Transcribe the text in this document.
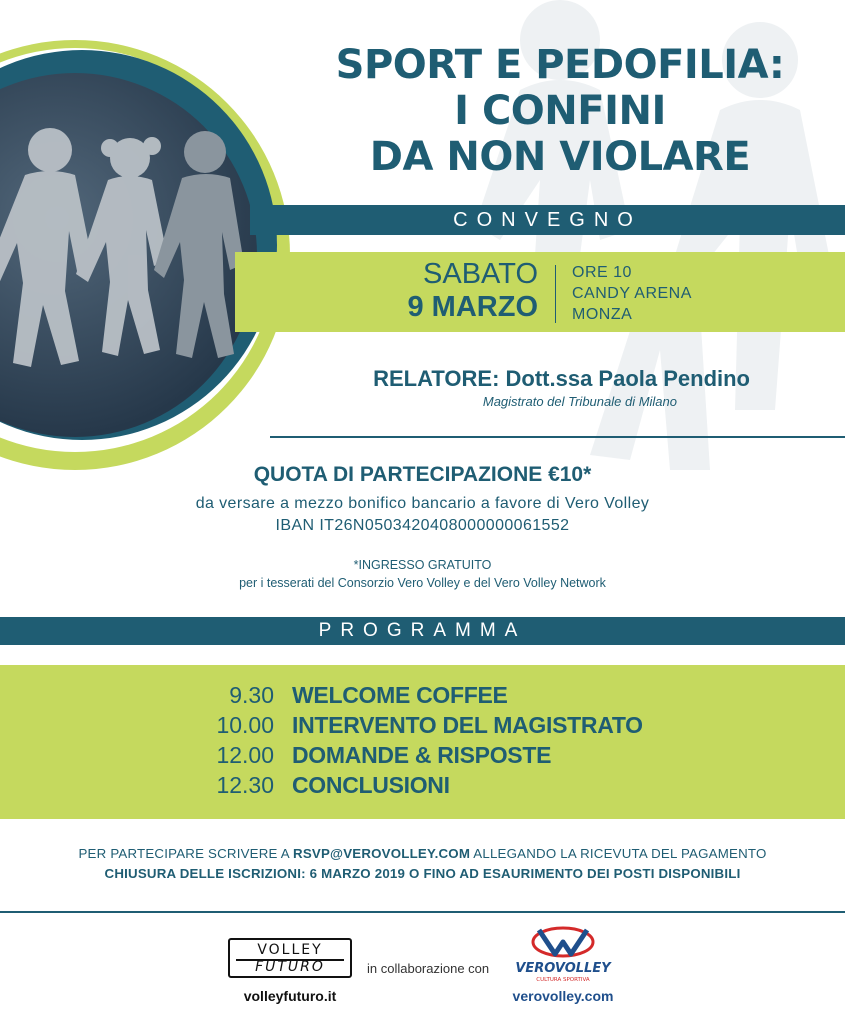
SPORT E PEDOFILIA:
I CONFINI
DA NON VIOLARE
CONVEGNO
SABATO
9 MARZO
ORE 10
CANDY ARENA
MONZA
RELATORE: Dott.ssa Paola Pendino
Magistrato del Tribunale di Milano
QUOTA DI PARTECIPAZIONE €10*
da versare a mezzo bonifico bancario a favore di Vero Volley
IBAN IT26N0503420408000000061552
*INGRESSO GRATUITO
per i tesserati del Consorzio Vero Volley e del Vero Volley Network
PROGRAMMA
9.30 WELCOME COFFEE
10.00 INTERVENTO DEL MAGISTRATO
12.00 DOMANDE & RISPOSTE
12.30 CONCLUSIONI
PER PARTECIPARE SCRIVERE A RSVP@VEROVOLLEY.COM ALLEGANDO LA RICEVUTA DEL PAGAMENTO
CHIUSURA DELLE ISCRIZIONI: 6 MARZO 2019 O FINO AD ESAURIMENTO DEI POSTI DISPONIBILI
VOLLEY
FUTURO
volleyfuturo.it
in collaborazione con VEROVOLLEY
CULTURA SPORTIVA
verovolley.com
